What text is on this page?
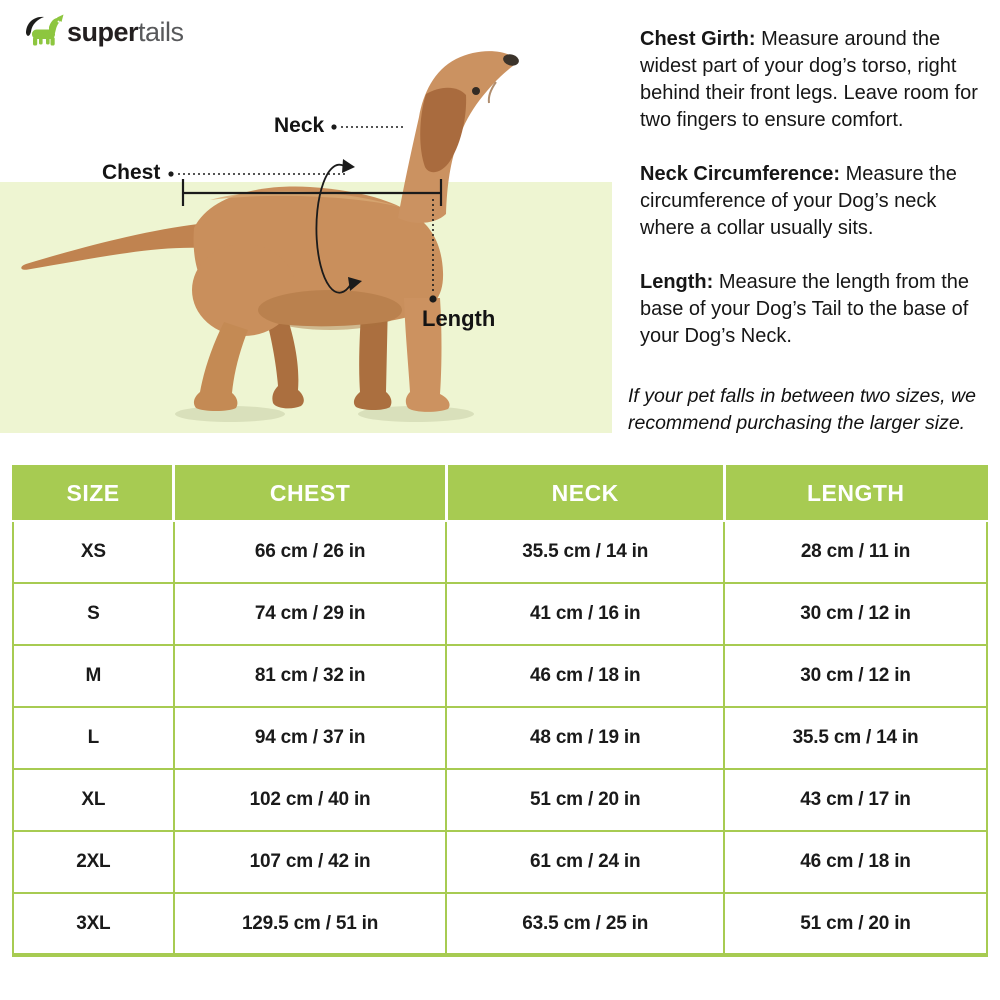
supertails
Neck
Chest
Length

Chest Girth: Measure around the widest part of your dog’s torso, right behind their front legs. Leave room for two fingers to ensure comfort.

Neck Circumference: Measure the circumference of your Dog’s neck where a collar usually sits.

Length: Measure the length from the base of your Dog’s Tail to the base of your Dog’s Neck.

If your pet falls in between two sizes, we recommend purchasing the larger size.
SIZE	CHEST	NECK	LENGTH
XS	66 cm / 26 in	35.5 cm / 14 in	28 cm / 11 in
S	74 cm / 29 in	41 cm / 16 in	30 cm / 12 in
M	81 cm / 32 in	46 cm / 18 in	30 cm / 12 in
L	94 cm / 37 in	48 cm / 19 in	35.5 cm / 14 in
XL	102 cm / 40 in	51 cm / 20 in	43 cm / 17 in
2XL	107 cm / 42 in	61 cm / 24 in	46 cm / 18 in
3XL	129.5 cm / 51 in	63.5 cm / 25 in	51 cm / 20 in
